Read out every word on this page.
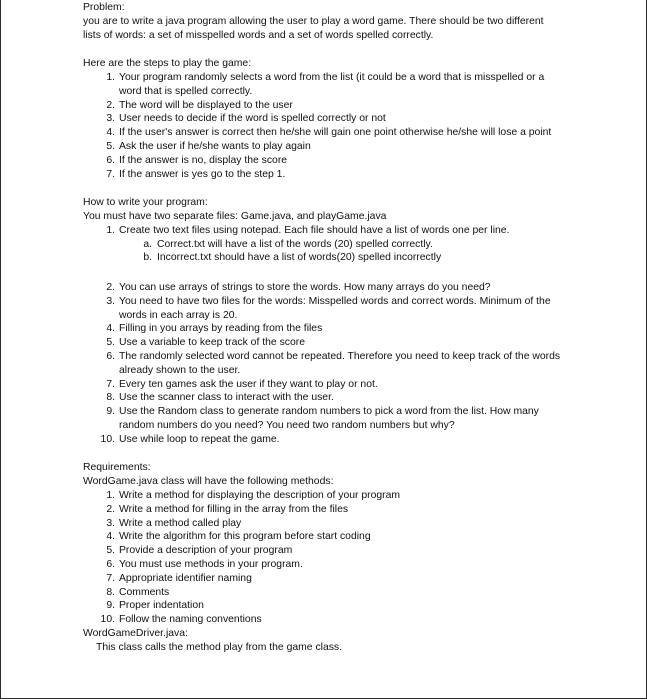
Problem:
you are to write a java program allowing the user to play a word game. There should be two different
lists of words: a set of misspelled words and a set of words spelled correctly.
Here are the steps to play the game:
1. Your program randomly selects a word from the list (it could be a word that is misspelled or a
word that is spelled correctly.
2. The word will be displayed to the user
3. User needs to decide if the word is spelled correctly or not
4. If the user's answer is correct then he/she will gain one point otherwise he/she will lose a point
5. Ask the user if he/she wants to play again
6. If the answer is no, display the score
7. If the answer is yes go to the step 1.
How to write your program:
You must have two separate files: Game.java, and playGame.java
1. Create two text files using notepad. Each file should have a list of words one per line.
a. Correct.txt will have a list of the words (20) spelled correctly.
b. Incorrect.txt should have a list of words(20) spelled incorrectly
2. You can use arrays of strings to store the words. How many arrays do you need?
3. You need to have two files for the words: Misspelled words and correct words. Minimum of the
words in each array is 20.
4. Filling in you arrays by reading from the files
5. Use a variable to keep track of the score
6. The randomly selected word cannot be repeated. Therefore you need to keep track of the words
already shown to the user.
7. Every ten games ask the user if they want to play or not.
8. Use the scanner class to interact with the user.
9. Use the Random class to generate random numbers to pick a word from the list. How many
random numbers do you need? You need two random numbers but why?
10. Use while loop to repeat the game.
Requirements:
WordGame.java class will have the following methods:
1. Write a method for displaying the description of your program
2. Write a method for filling in the array from the files
3. Write a method called play
4. Write the algorithm for this program before start coding
5. Provide a description of your program
6. You must use methods in your program.
7. Appropriate identifier naming
8. Comments
9. Proper indentation
10. Follow the naming conventions
WordGameDriver.java:
This class calls the method play from the game class.
